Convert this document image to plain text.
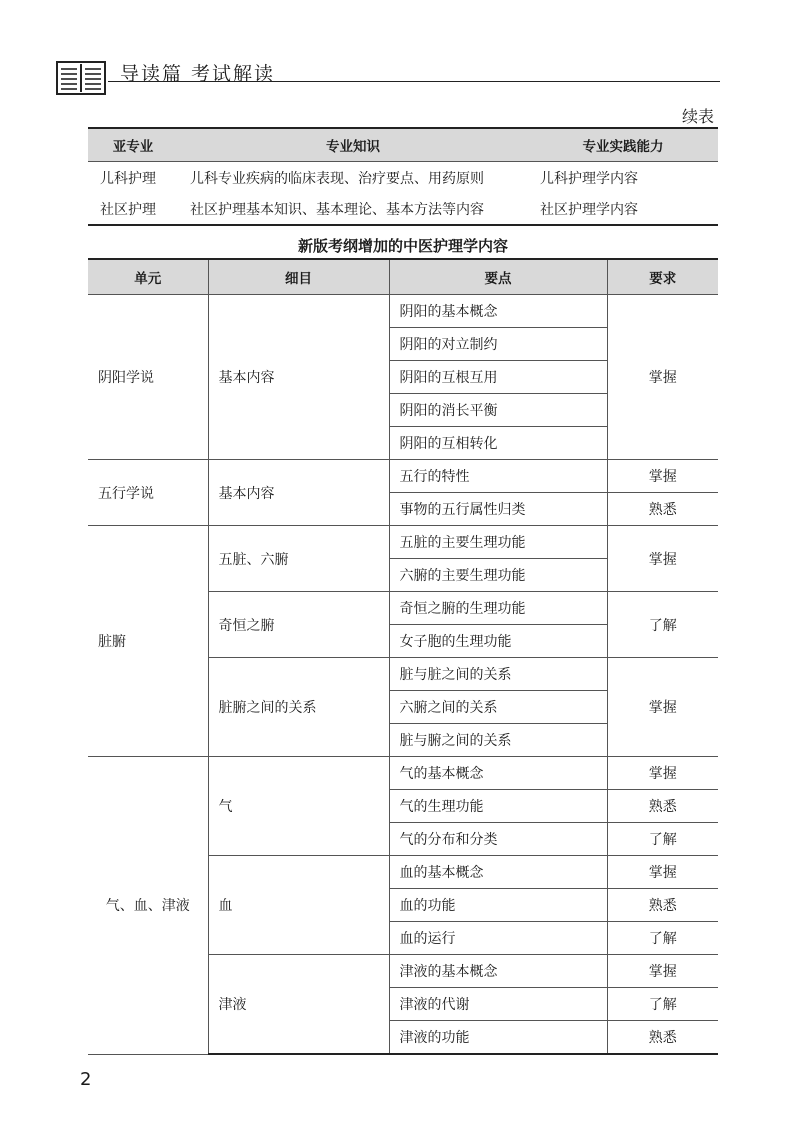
导读篇 考试解读
续表
亚专业	专业知识	专业实践能力
儿科护理	儿科专业疾病的临床表现、治疗要点、用药原则	儿科护理学内容
社区护理	社区护理基本知识、基本理论、基本方法等内容	社区护理学内容
新版考纲增加的中医护理学内容
单元	细目	要点	要求
阴阳学说	基本内容	阴阳的基本概念	掌握
		阴阳的对立制约	
		阴阳的互根互用	
		阴阳的消长平衡	
		阴阳的互相转化	
五行学说	基本内容	五行的特性	掌握
		事物的五行属性归类	熟悉
脏腑	五脏、六腑	五脏的主要生理功能	掌握
		六腑的主要生理功能	
	奇恒之腑	奇恒之腑的生理功能	了解
		女子胞的生理功能	
	脏腑之间的关系	脏与脏之间的关系	掌握
		六腑之间的关系	
		脏与腑之间的关系	
气、血、津液	气	气的基本概念	掌握
		气的生理功能	熟悉
		气的分布和分类	了解
	血	血的基本概念	掌握
		血的功能	熟悉
		血的运行	了解
	津液	津液的基本概念	掌握
		津液的代谢	了解
		津液的功能	熟悉
2
